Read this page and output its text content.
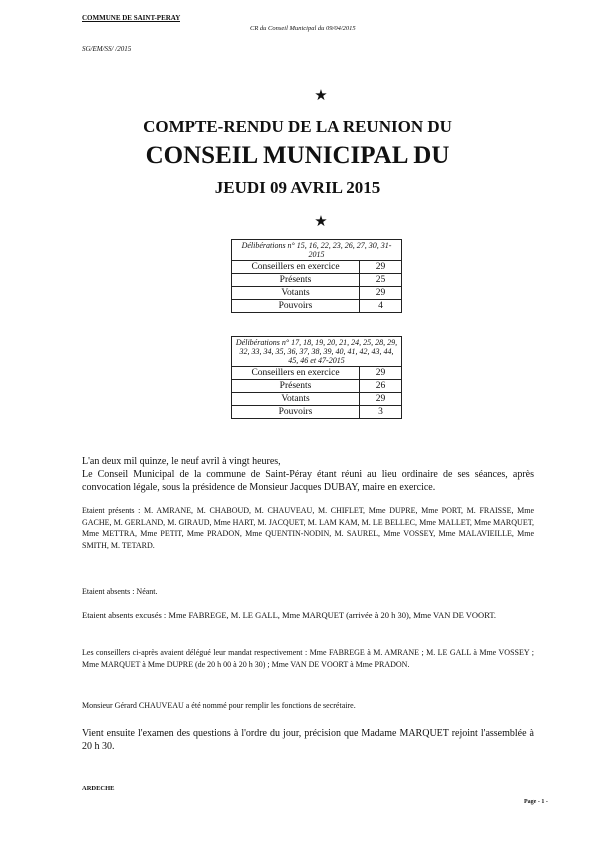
COMMUNE DE SAINT-PERAY
CR du Conseil Municipal du 09/04/2015
SG/EM/SS/ /2015
★
COMPTE-RENDU DE LA REUNION DU
CONSEIL MUNICIPAL DU
JEUDI 09 AVRIL 2015
★
Délibérations n° 15, 16, 22, 23, 26, 27, 30, 31-2015	
Conseillers en exercice	29
Présents	25
Votants	29
Pouvoirs	4
Délibérations n° 17, 18, 19, 20, 21, 24, 25, 28, 29, 32, 33, 34, 35, 36, 37, 38, 39, 40, 41, 42, 43, 44, 45, 46 et 47-2015	
Conseillers en exercice	29
Présents	26
Votants	29
Pouvoirs	3
L'an deux mil quinze, le neuf avril à vingt heures,
Le Conseil Municipal de la commune de Saint-Péray étant réuni au lieu ordinaire de ses séances, après convocation légale, sous la présidence de Monsieur Jacques DUBAY, maire en exercice.
Etaient présents : M. AMRANE, M. CHABOUD, M. CHAUVEAU, M. CHIFLET, Mme DUPRE, Mme PORT, M. FRAISSE, Mme GACHE, M. GERLAND, M. GIRAUD, Mme HART, M. JACQUET, M. LAM KAM, M. LE BELLEC, Mme MALLET, Mme MARQUET, Mme METTRA, Mme PETIT, Mme PRADON, Mme QUENTIN-NODIN, M. SAUREL, Mme VOSSEY, Mme MALAVIEILLE, Mme SMITH, M. TETARD.
Etaient absents : Néant.
Etaient absents excusés : Mme FABREGE, M. LE GALL, Mme MARQUET (arrivée à 20 h 30), Mme VAN DE VOORT.
Les conseillers ci-après avaient délégué leur mandat respectivement : Mme FABREGE à M. AMRANE ; M. LE GALL à Mme VOSSEY ; Mme MARQUET à Mme DUPRE (de 20 h 00 à 20 h 30) ; Mme VAN DE VOORT à Mme PRADON.
Monsieur Gérard CHAUVEAU a été nommé pour remplir les fonctions de secrétaire.
Vient ensuite l'examen des questions à l'ordre du jour, précision que Madame MARQUET rejoint l'assemblée à 20 h 30.
ARDECHE
Page - 1 -
